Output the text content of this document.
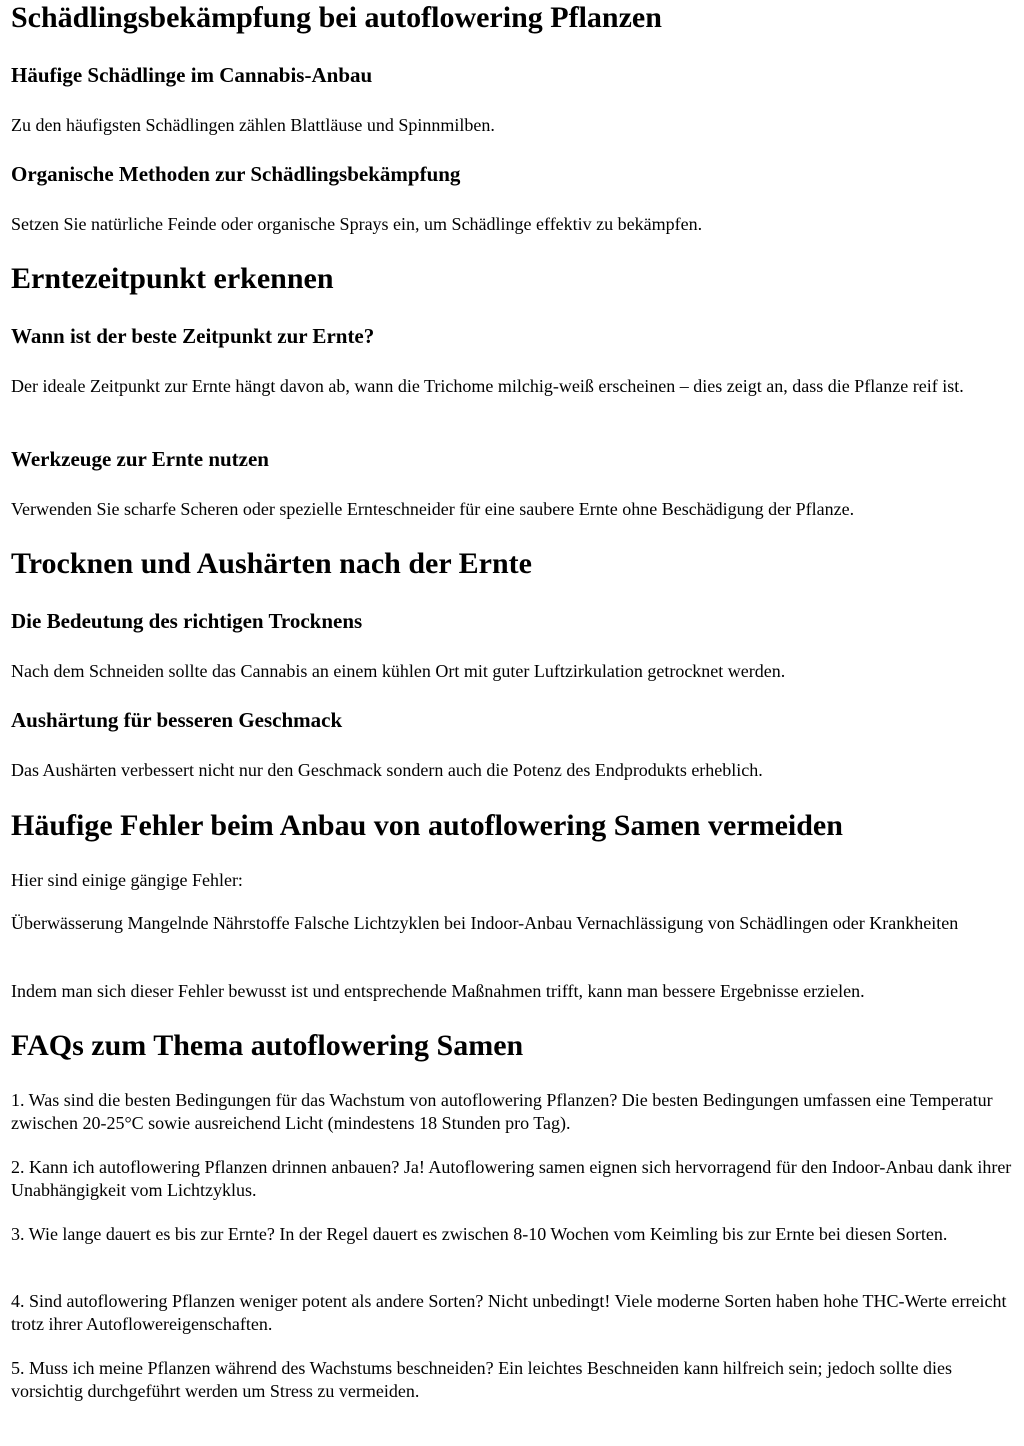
Schädlingsbekämpfung bei autoflowering Pflanzen
Häufige Schädlinge im Cannabis-Anbau

Zu den häufigsten Schädlingen zählen Blattläuse und Spinnmilben.

Organische Methoden zur Schädlingsbekämpfung

Setzen Sie natürliche Feinde oder organische Sprays ein, um Schädlinge effektiv zu bekämpfen.

Erntezeitpunkt erkennen
Wann ist der beste Zeitpunkt zur Ernte?

Der ideale Zeitpunkt zur Ernte hängt davon ab, wann die Trichome milchig-weiß erscheinen – dies zeigt an, dass die Pflanze reif ist.

Werkzeuge zur Ernte nutzen

Verwenden Sie scharfe Scheren oder spezielle Ernteschneider für eine saubere Ernte ohne Beschädigung der Pflanze.

Trocknen und Aushärten nach der Ernte
Die Bedeutung des richtigen Trocknens

Nach dem Schneiden sollte das Cannabis an einem kühlen Ort mit guter Luftzirkulation getrocknet werden.

Aushärtung für besseren Geschmack

Das Aushärten verbessert nicht nur den Geschmack sondern auch die Potenz des Endprodukts erheblich.

Häufige Fehler beim Anbau von autoflowering Samen vermeiden

Hier sind einige gängige Fehler:

Überwässerung Mangelnde Nährstoffe Falsche Lichtzyklen bei Indoor-Anbau Vernachlässigung von Schädlingen oder Krankheiten

Indem man sich dieser Fehler bewusst ist und entsprechende Maßnahmen trifft, kann man bessere Ergebnisse erzielen.

FAQs zum Thema autoflowering Samen

1. Was sind die besten Bedingungen für das Wachstum von autoflowering Pflanzen? Die besten Bedingungen umfassen eine Temperatur zwischen 20-25°C sowie ausreichend Licht (mindestens 18 Stunden pro Tag).

2. Kann ich autoflowering Pflanzen drinnen anbauen? Ja! Autoflowering samen eignen sich hervorragend für den Indoor-Anbau dank ihrer Unabhängigkeit vom Lichtzyklus.

3. Wie lange dauert es bis zur Ernte? In der Regel dauert es zwischen 8-10 Wochen vom Keimling bis zur Ernte bei diesen Sorten.

4. Sind autoflowering Pflanzen weniger potent als andere Sorten? Nicht unbedingt! Viele moderne Sorten haben hohe THC-Werte erreicht trotz ihrer Autoflowereigenschaften.

5. Muss ich meine Pflanzen während des Wachstums beschneiden? Ein leichtes Beschneiden kann hilfreich sein; jedoch sollte dies vorsichtig durchgeführt werden um Stress zu vermeiden.
